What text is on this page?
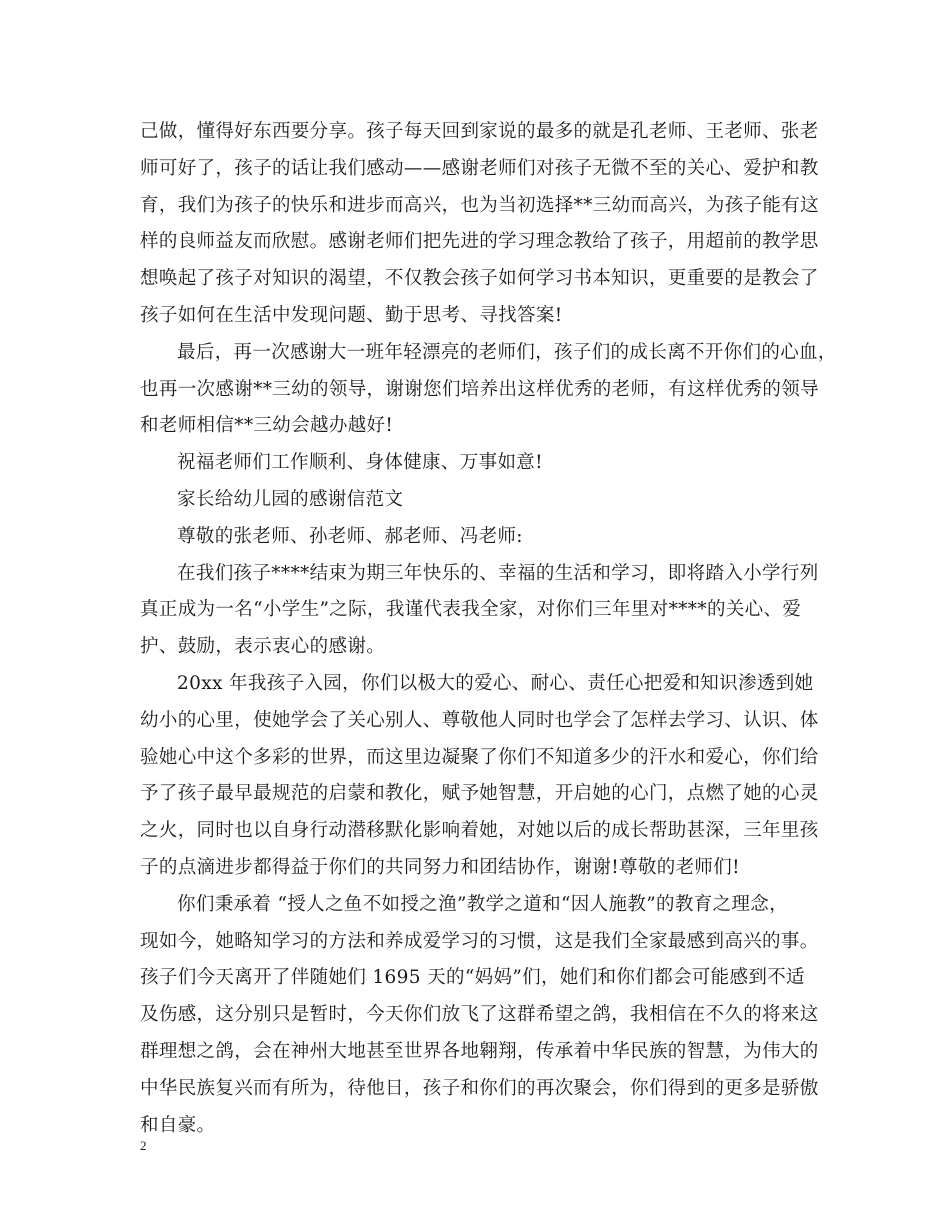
己做，懂得好东西要分享。孩子每天回到家说的最多的就是孔老师、王老师、张老
师可好了，孩子的话让我们感动——感谢老师们对孩子无微不至的关心、爱护和教
育，我们为孩子的快乐和进步而高兴，也为当初选择**三幼而高兴，为孩子能有这
样的良师益友而欣慰。感谢老师们把先进的学习理念教给了孩子，用超前的教学思
想唤起了孩子对知识的渴望，不仅教会孩子如何学习书本知识，更重要的是教会了
孩子如何在生活中发现问题、勤于思考、寻找答案!
最后，再一次感谢大一班年轻漂亮的老师们，孩子们的成长离不开你们的心血，
也再一次感谢**三幼的领导，谢谢您们培养出这样优秀的老师，有这样优秀的领导
和老师相信**三幼会越办越好!
祝福老师们工作顺利、身体健康、万事如意!
家长给幼儿园的感谢信范文
尊敬的张老师、孙老师、郝老师、冯老师:
在我们孩子****结束为期三年快乐的、幸福的生活和学习，即将踏入小学行列
真正成为一名“小学生”之际，我谨代表我全家，对你们三年里对****的关心、爱
护、鼓励，表示衷心的感谢。
20xx 年我孩子入园，你们以极大的爱心、耐心、责任心把爱和知识渗透到她
幼小的心里，使她学会了关心别人、尊敬他人同时也学会了怎样去学习、认识、体
验她心中这个多彩的世界，而这里边凝聚了你们不知道多少的汗水和爱心，你们给
予了孩子最早最规范的启蒙和教化，赋予她智慧，开启她的心门，点燃了她的心灵
之火，同时也以自身行动潜移默化影响着她，对她以后的成长帮助甚深，三年里孩
子的点滴进步都得益于你们的共同努力和团结协作，谢谢!尊敬的老师们!
你们秉承着 “授人之鱼不如授之渔”教学之道和“因人施教”的教育之理念，
现如今，她略知学习的方法和养成爱学习的习惯，这是我们全家最感到高兴的事。
孩子们今天离开了伴随她们 1695 天的“妈妈”们，她们和你们都会可能感到不适
及伤感，这分别只是暂时，今天你们放飞了这群希望之鸽，我相信在不久的将来这
群理想之鸽，会在神州大地甚至世界各地翱翔，传承着中华民族的智慧，为伟大的
中华民族复兴而有所为，待他日，孩子和你们的再次聚会，你们得到的更多是骄傲
和自豪。
2
